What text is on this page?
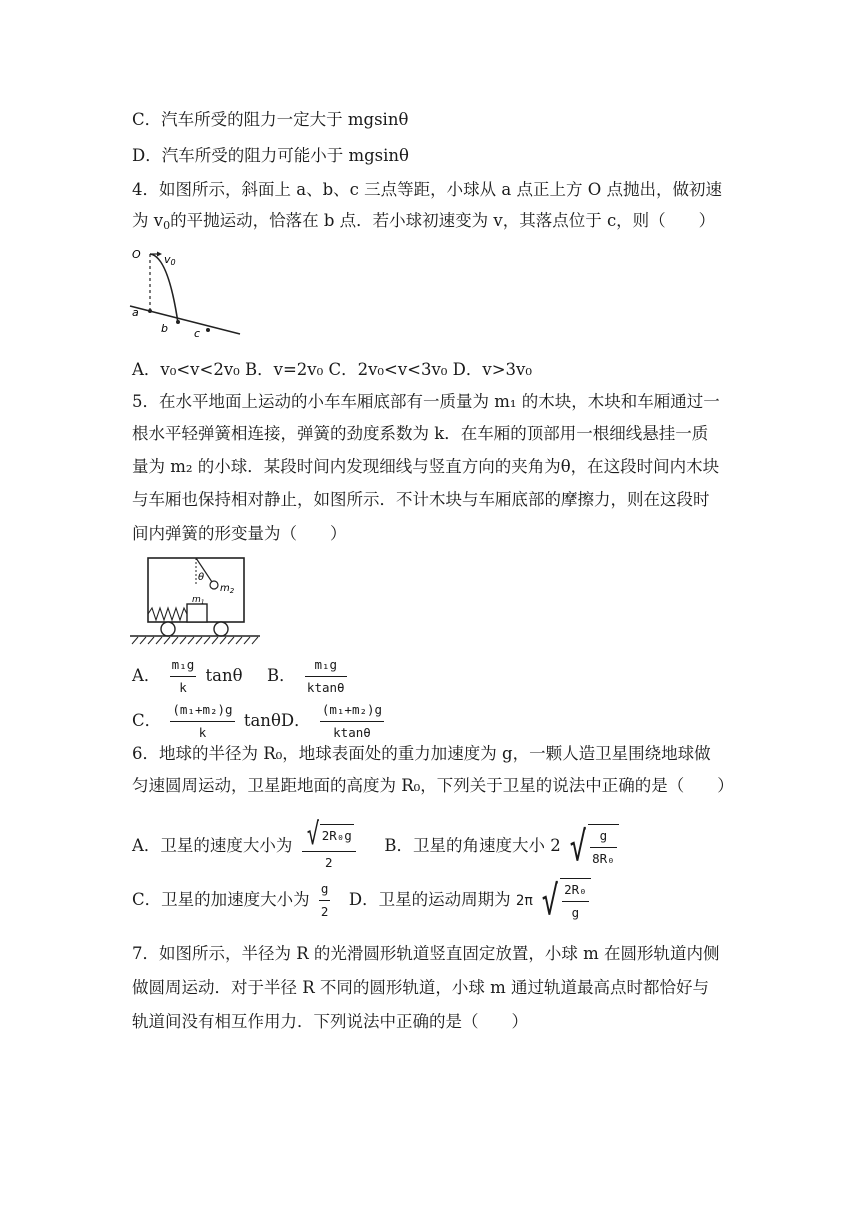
C．汽车所受的阻力一定大于 mgsinθ
D．汽车所受的阻力可能小于 mgsinθ
4．如图所示，斜面上 a、b、c 三点等距，小球从 a 点正上方 O 点抛出，做初速
为 $v_0$的平抛运动，恰落在 b 点．若小球初速变为 v，其落点位于 c，则（　　）
O v0
a
b c
A．v₀<v<2v₀ B．v=2v₀ C．2v₀<v<3v₀ D．v>3v₀
5．在水平地面上运动的小车车厢底部有一质量为 m₁ 的木块，木块和车厢通过一
根水平轻弹簧相连接，弹簧的劲度系数为 k．在车厢的顶部用一根细线悬挂一质
量为 m₂ 的小球．某段时间内发现细线与竖直方向的夹角为θ，在这段时间内木块
与车厢也保持相对静止，如图所示．不计木块与车厢底部的摩擦力，则在这段时
间内弹簧的形变量为（　　）
θ
$m_2$
$m_1$
A． $\frac{\text{m₁g}}{k}$ tanθ B． $\frac{\text{m₁g}}{ktan\theta}$
C． $\frac{\text{(m₁+m₂)g}}{k}$ tanθD． $\frac{\text{(m₁+m₂)g}}{ktan\theta}$
6．地球的半径为 R₀，地球表面处的重力加速度为 g，一颗人造卫星围绕地球做
匀速圆周运动，卫星距地面的高度为 R₀，下列关于卫星的说法中正确的是（　　）
A．卫星的速度大小为 $\frac{\text{√ 2R₀g}}{2}$ B．卫星的角速度大小 2 √ $\frac{g}{\text{8R₀}}$
C．卫星的加速度大小为 $\frac{g}{2}$ D．卫星的运动周期为 2π √ $\frac{\text{2R₀}}{g}$
7．如图所示，半径为 R 的光滑圆形轨道竖直固定放置，小球 m 在圆形轨道内侧
做圆周运动．对于半径 R 不同的圆形轨道，小球 m 通过轨道最高点时都恰好与
轨道间没有相互作用力．下列说法中正确的是（　　）
